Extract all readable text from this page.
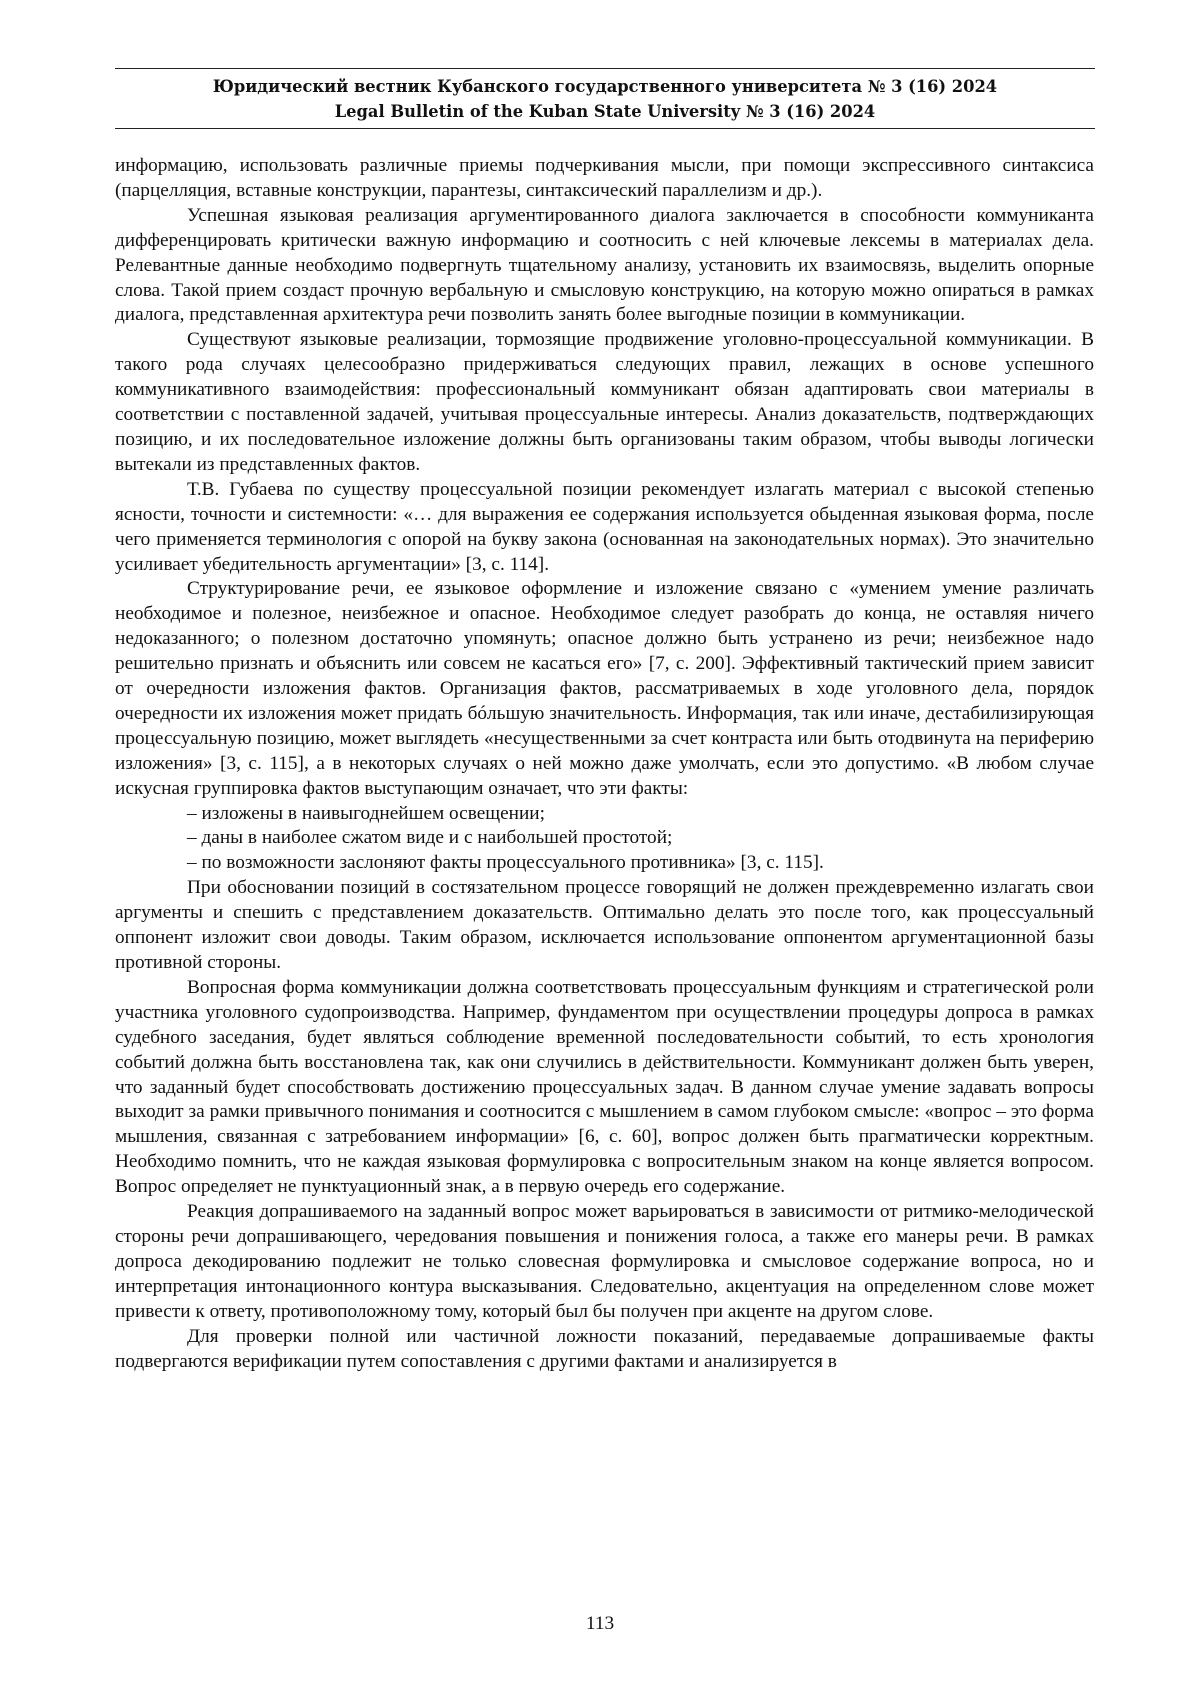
Юридический вестник Кубанского государственного университета № 3 (16) 2024
Legal Bulletin of the Kuban State University № 3 (16) 2024

информацию, использовать различные приемы подчеркивания мысли, при помощи экспрессивного синтаксиса (парцелляция, вставные конструкции, парантезы, синтаксический параллелизм и др.).

Успешная языковая реализация аргументированного диалога заключается в способности коммуниканта дифференцировать критически важную информацию и соотносить с ней ключевые лексемы в материалах дела. Релевантные данные необходимо подвергнуть тщательному анализу, установить их взаимосвязь, выделить опорные слова. Такой прием создаст прочную вербальную и смысловую конструкцию, на которую можно опираться в рамках диалога, представленная архитектура речи позволить занять более выгодные позиции в коммуникации.

Существуют языковые реализации, тормозящие продвижение уголовно-процессуальной коммуникации. В такого рода случаях целесообразно придерживаться следующих правил, лежащих в основе успешного коммуникативного взаимодействия: профессиональный коммуникант обязан адаптировать свои материалы в соответствии с поставленной задачей, учитывая процессуальные интересы. Анализ доказательств, подтверждающих позицию, и их последовательное изложение должны быть организованы таким образом, чтобы выводы логически вытекали из представленных фактов.

Т.В. Губаева по существу процессуальной позиции рекомендует излагать материал с высокой степенью ясности, точности и системности: «… для выражения ее содержания используется обыденная языковая форма, после чего применяется терминология с опорой на букву закона (основанная на законодательных нормах). Это значительно усиливает убедительность аргументации» [3, с. 114].

Структурирование речи, ее языковое оформление и изложение связано с «умением умение различать необходимое и полезное, неизбежное и опасное. Необходимое следует разобрать до конца, не оставляя ничего недоказанного; о полезном достаточно упомянуть; опасное должно быть устранено из речи; неизбежное надо решительно признать и объяснить или совсем не касаться его» [7, с. 200]. Эффективный тактический прием зависит от очередности изложения фактов. Организация фактов, рассматриваемых в ходе уголовного дела, порядок очередности их изложения может придать бóльшую значительность. Информация, так или иначе, дестабилизирующая процессуальную позицию, может выглядеть «несущественными за счет контраста или быть отодвинута на периферию изложения» [3, с. 115], а в некоторых случаях о ней можно даже умолчать, если это допустимо. «В любом случае искусная группировка фактов выступающим означает, что эти факты:

– изложены в наивыгоднейшем освещении;

– даны в наиболее сжатом виде и с наибольшей простотой;

– по возможности заслоняют факты процессуального противника» [3, с. 115].

При обосновании позиций в состязательном процессе говорящий не должен преждевременно излагать свои аргументы и спешить с представлением доказательств. Оптимально делать это после того, как процессуальный оппонент изложит свои доводы. Таким образом, исключается использование оппонентом аргументационной базы противной стороны.

Вопросная форма коммуникации должна соответствовать процессуальным функциям и стратегической роли участника уголовного судопроизводства. Например, фундаментом при осуществлении процедуры допроса в рамках судебного заседания, будет являться соблюдение временной последовательности событий, то есть хронология событий должна быть восстановлена так, как они случились в действительности. Коммуникант должен быть уверен, что заданный будет способствовать достижению процессуальных задач. В данном случае умение задавать вопросы выходит за рамки привычного понимания и соотносится с мышлением в самом глубоком смысле: «вопрос – это форма мышления, связанная с затребованием информации» [6, с. 60], вопрос должен быть прагматически корректным. Необходимо помнить, что не каждая языковая формулировка с вопросительным знаком на конце является вопросом. Вопрос определяет не пунктуационный знак, а в первую очередь его содержание.

Реакция допрашиваемого на заданный вопрос может варьироваться в зависимости от ритмико-мелодической стороны речи допрашивающего, чередования повышения и понижения голоса, а также его манеры речи. В рамках допроса декодированию подлежит не только словесная формулировка и смысловое содержание вопроса, но и интерпретация интонационного контура высказывания. Следовательно, акцентуация на определенном слове может привести к ответу, противоположному тому, который был бы получен при акценте на другом слове.

Для проверки полной или частичной ложности показаний, передаваемые допрашиваемые факты подвергаются верификации путем сопоставления с другими фактами и анализируется в

113
